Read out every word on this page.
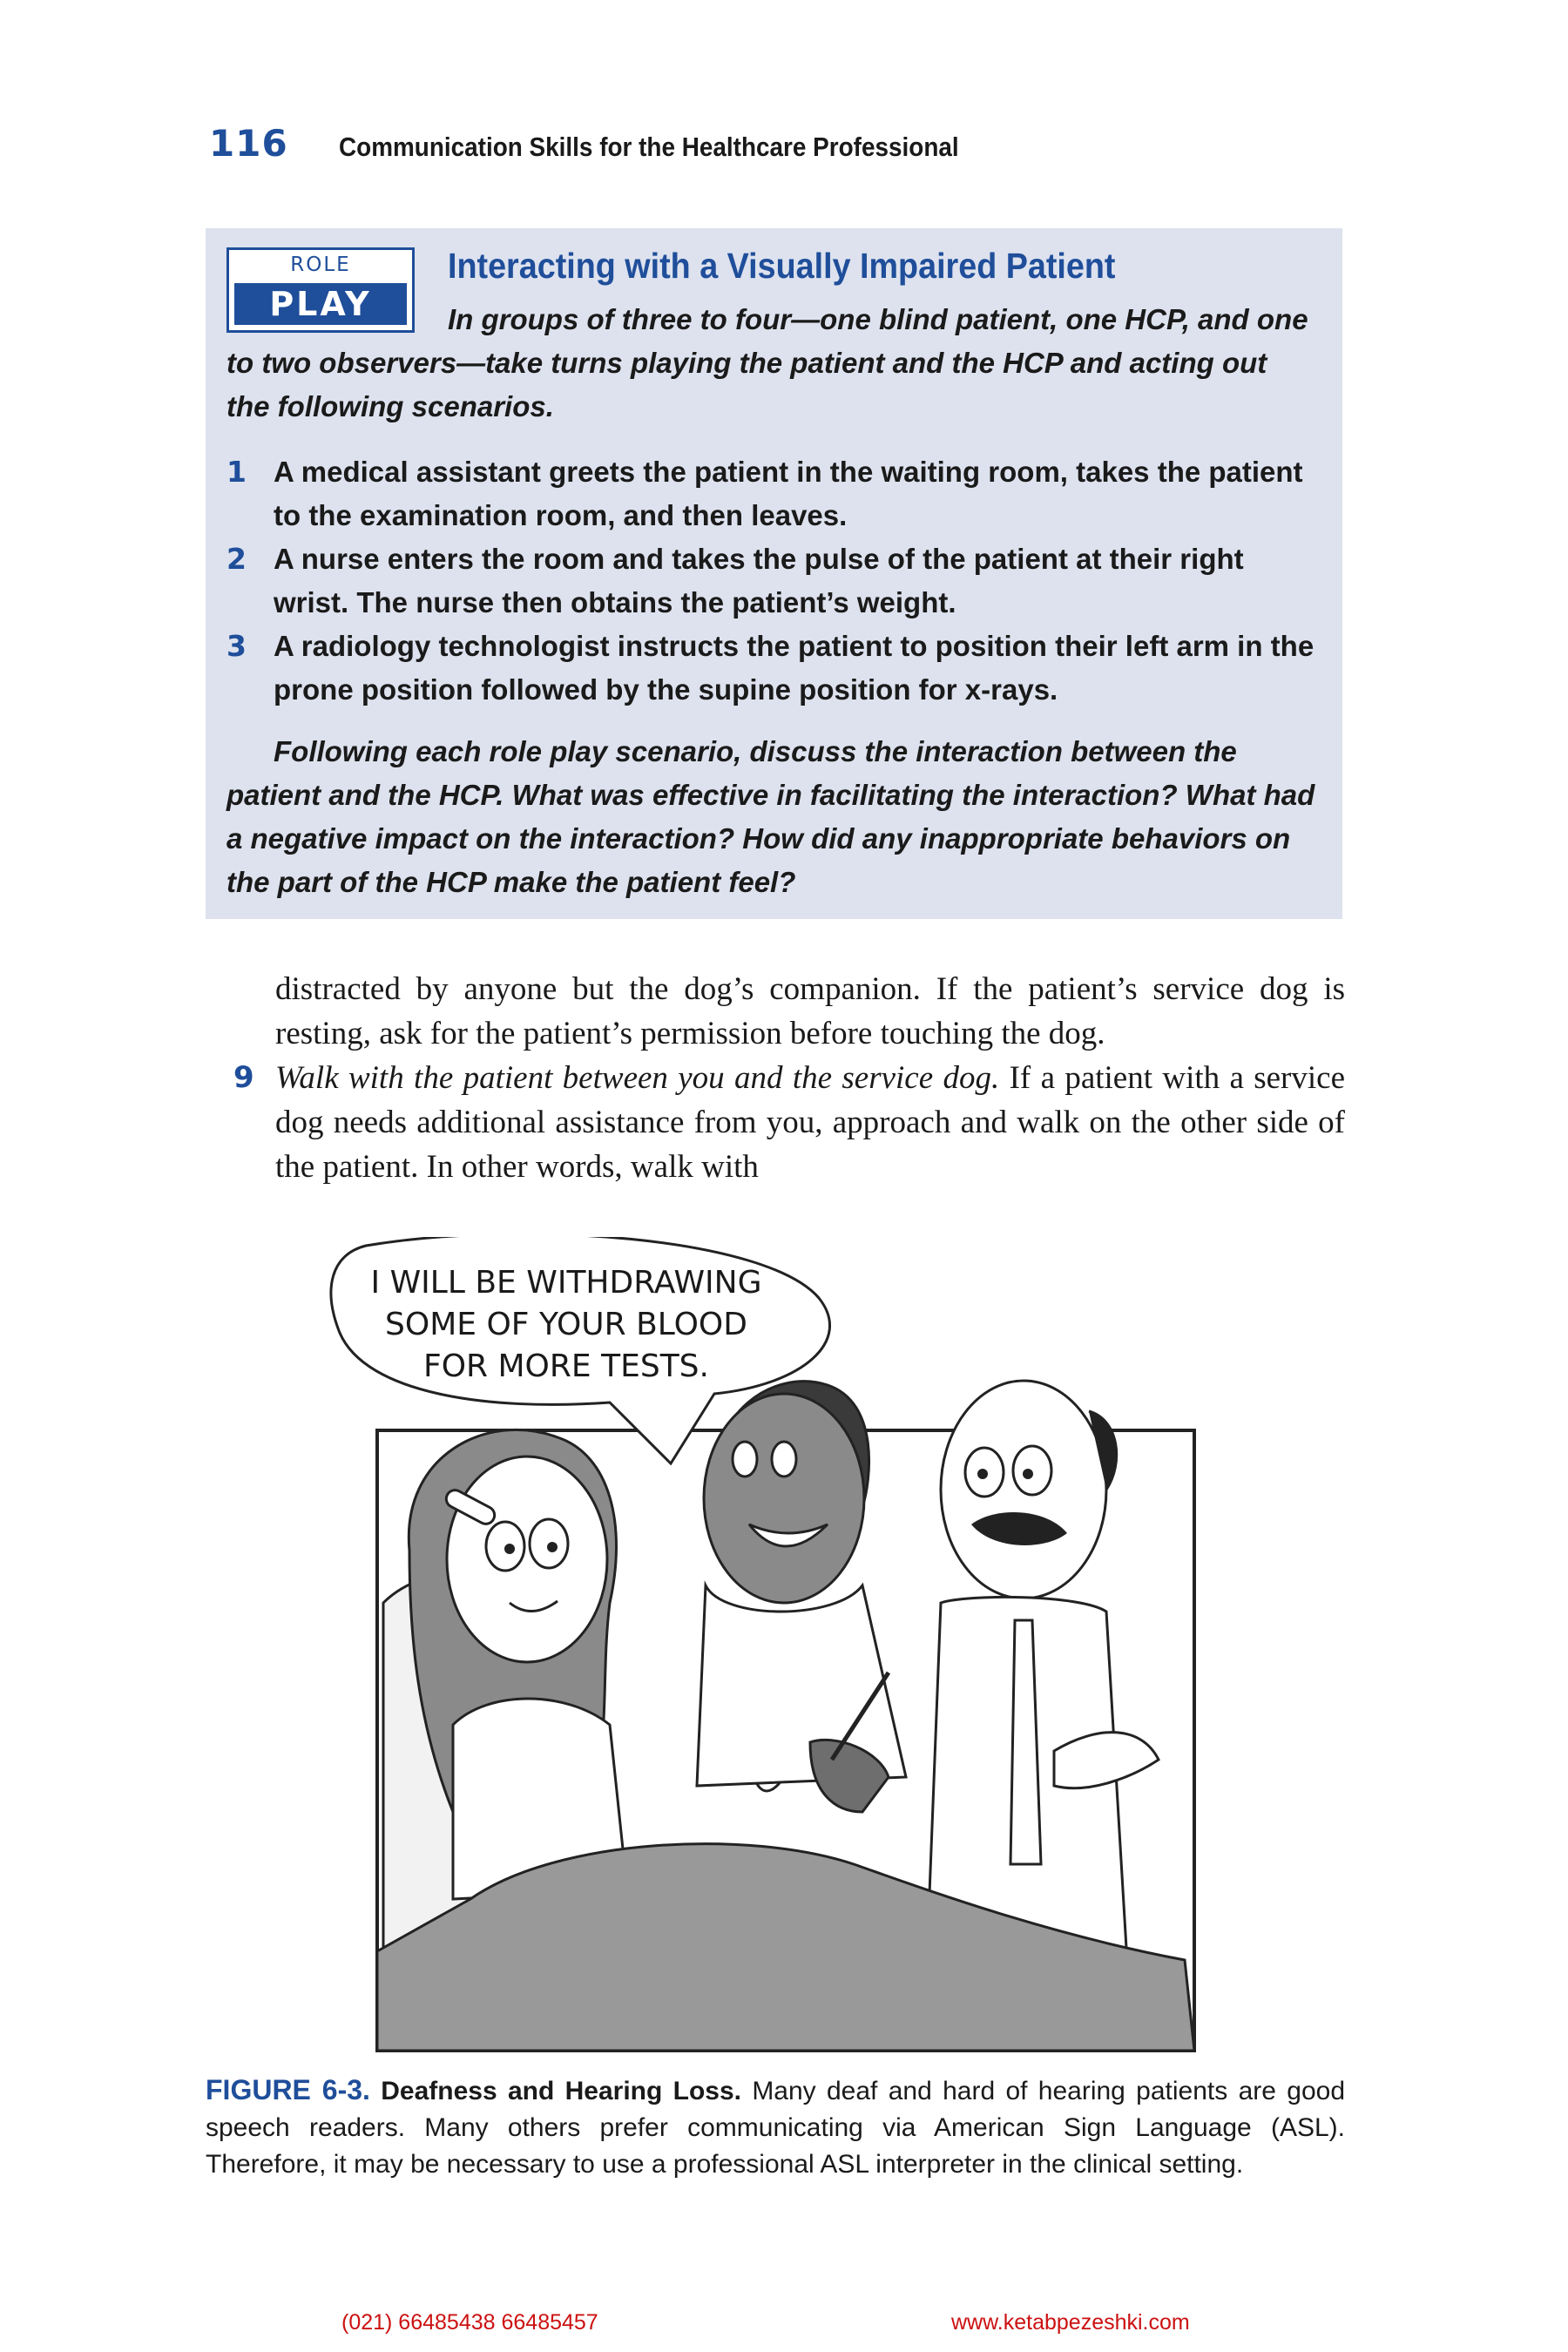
116 Communication Skills for the Healthcare Professional
ROLE
PLAY
Interacting with a Visually Impaired Patient

In groups of three to four—one blind patient, one HCP, and one to two observers—take turns playing the patient and the HCP and acting out the following scenarios.

1 A medical assistant greets the patient in the waiting room, takes the patient to the examination room, and then leaves.
2 A nurse enters the room and takes the pulse of the patient at their right wrist. The nurse then obtains the patient’s weight.
3 A radiology technologist instructs the patient to position their left arm in the prone position followed by the supine position for x-rays.

Following each role play scenario, discuss the interaction between the patient and the HCP. What was effective in facilitating the interaction? What had a negative impact on the interaction? How did any inappropriate behaviors on the part of the HCP make the patient feel?

distracted by anyone but the dog’s companion. If the patient’s service dog is resting, ask for the patient’s permission before touching the dog.

9 Walk with the patient between you and the service dog. If a patient with a service dog needs additional assistance from you, approach and walk on the other side of the patient. In other words, walk with

I WILL BE WITHDRAWING
SOME OF YOUR BLOOD
FOR MORE TESTS.
FIGURE 6-3. Deafness and Hearing Loss. Many deaf and hard of hearing patients are good speech readers. Many others prefer communicating via American Sign Language (ASL). Therefore, it may be necessary to use a professional ASL interpreter in the clinical setting.
(021) 66485438 66485457	www.ketabpezeshki.com
